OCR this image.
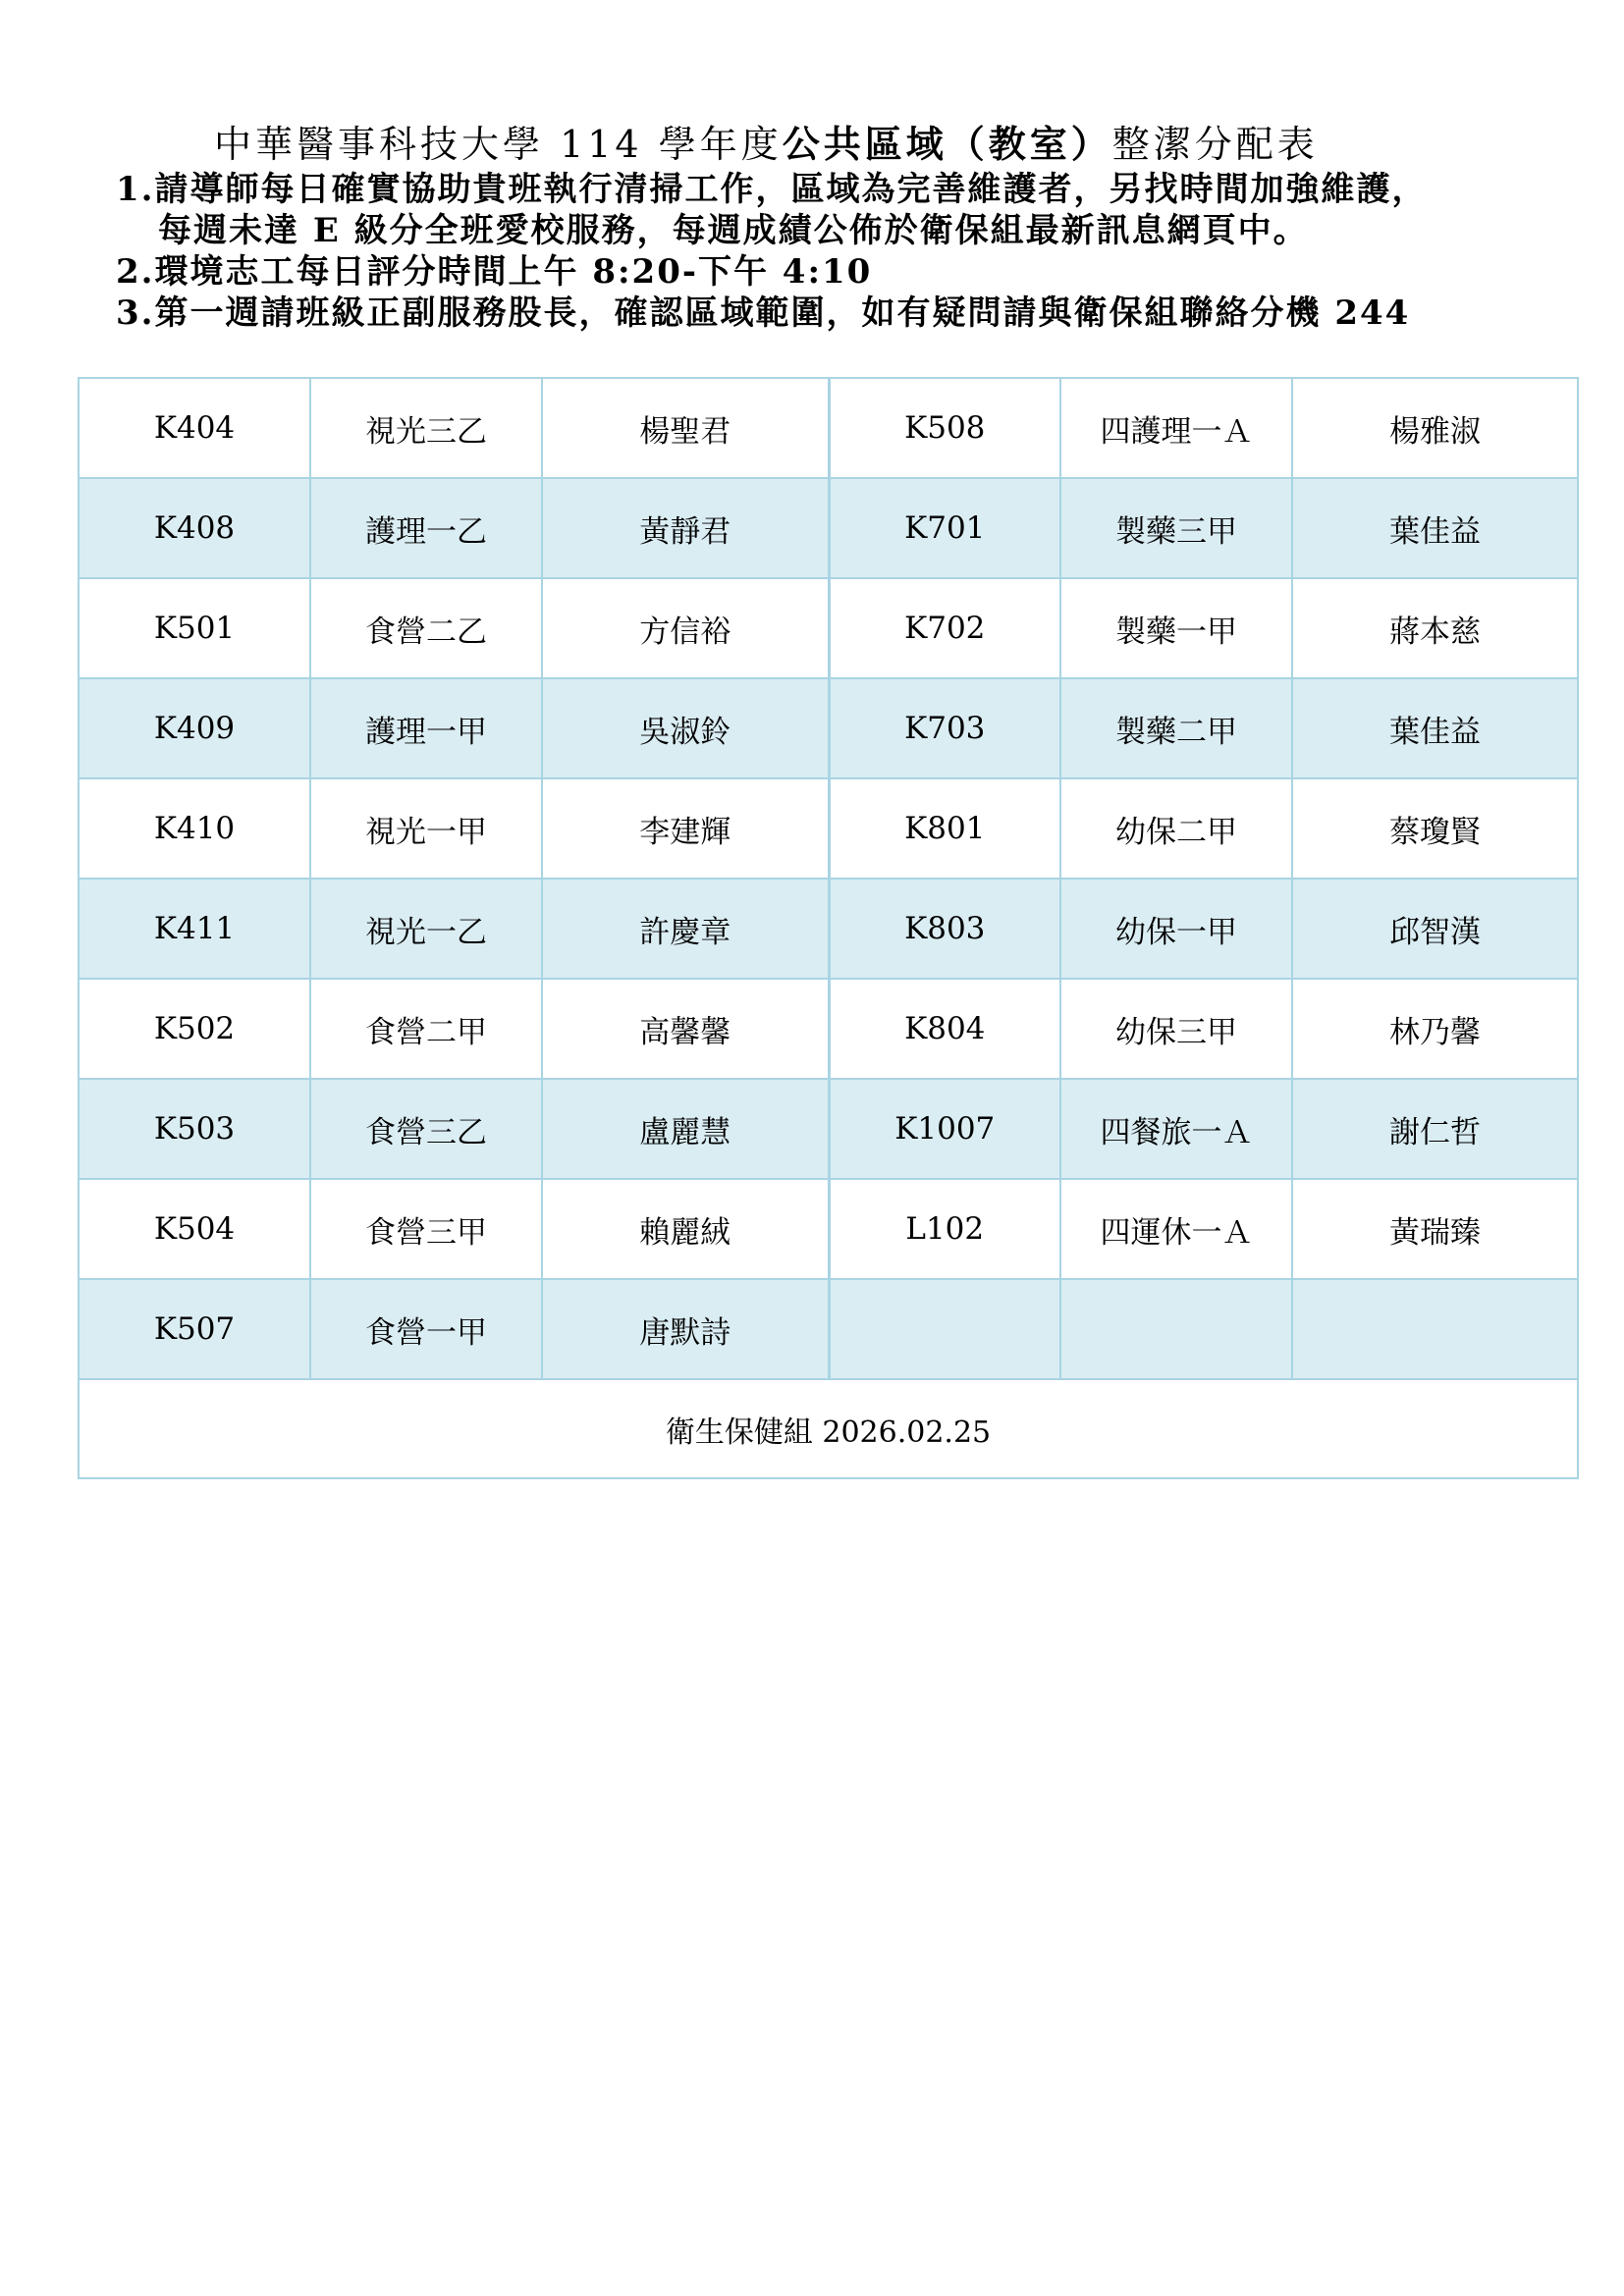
中華醫事科技大學 114 學年度公共區域（教室）整潔分配表
1.請導師每日確實協助貴班執行清掃工作，區域為完善維護者，另找時間加強維護，
每週未達 E 級分全班愛校服務，每週成績公佈於衛保組最新訊息網頁中。
2.環境志工每日評分時間上午 8:20-下午 4:10
3.第一週請班級正副服務股長，確認區域範圍，如有疑問請與衛保組聯絡分機 244
K404	視光三乙	楊聖君	K508	四護理一Ａ	楊雅淑
K408	護理一乙	黃靜君	K701	製藥三甲	葉佳益
K501	食營二乙	方信裕	K702	製藥一甲	蔣本慈
K409	護理一甲	吳淑鈴	K703	製藥二甲	葉佳益
K410	視光一甲	李建輝	K801	幼保二甲	蔡瓊賢
K411	視光一乙	許慶章	K803	幼保一甲	邱智漢
K502	食營二甲	高馨馨	K804	幼保三甲	林乃馨
K503	食營三乙	盧麗慧	K1007	四餐旅一Ａ	謝仁哲
K504	食營三甲	賴麗絨	L102	四運休一Ａ	黃瑞臻
K507	食營一甲	唐默詩			
衛生保健組 2026.02.25					
